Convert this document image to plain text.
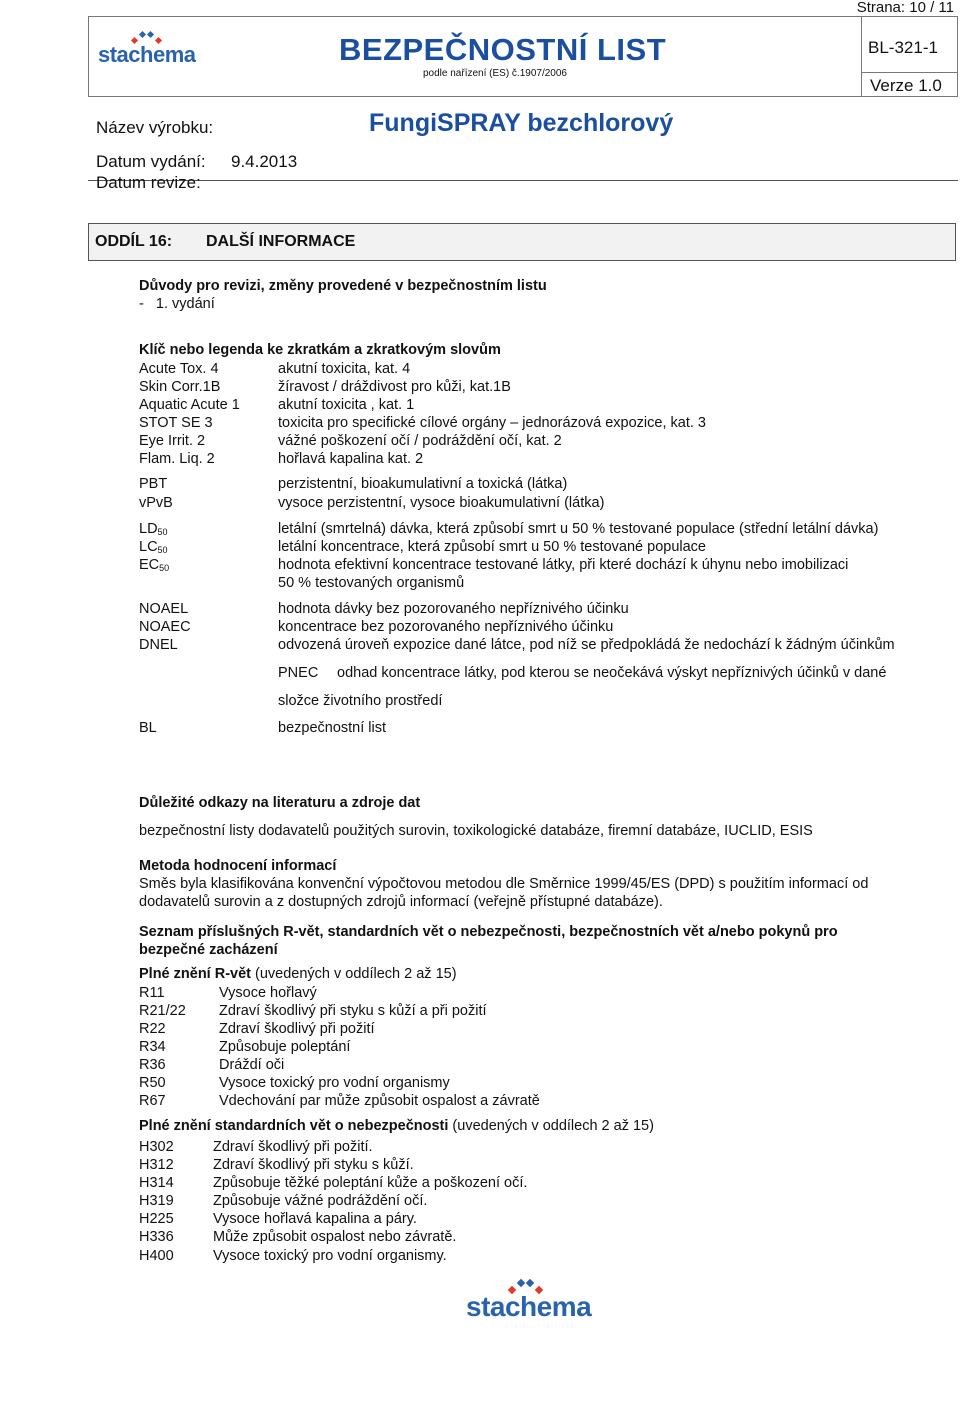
Strana: 10 / 11
stachema	BEZPEČNOSTNÍ LIST
podle nařízení (ES) č.1907/2006
BL-321-1
Verze 1.0
Název výrobku:	FungiSPRAY bezchlorový
Datum vydání: 9.4.2013
Datum revize:
ODDÍL 16: DALŠÍ INFORMACE
Důvody pro revizi, změny provedené v bezpečnostním listu
-   1. vydání
Klíč nebo legenda ke zkratkám a zkratkovým slovům
Acute Tox. 4	akutní toxicita, kat. 4
Skin Corr.1B	žíravost / dráždivost pro kůži, kat.1B
Aquatic Acute 1	akutní toxicita , kat. 1
STOT SE 3	toxicita pro specifické cílové orgány – jednorázová expozice, kat. 3
Eye Irrit. 2	vážné poškození očí / podráždění očí, kat. 2
Flam. Liq. 2	hořlavá kapalina kat. 2
PBT	perzistentní, bioakumulativní a toxická (látka)
vPvB	vysoce perzistentní, vysoce bioakumulativní (látka)
$LD_{50}$	letální (smrtelná) dávka, která způsobí smrt u 50 % testované populace (střední letální dávka)
$LC_{50}$	letální koncentrace, která způsobí smrt u 50 % testované populace
$EC_{50}$	hodnota efektivní koncentrace testované látky, při které dochází k úhynu nebo imobilizaci
50 % testovaných organismů
NOAEL	hodnota dávky bez pozorovaného nepříznivého účinku
NOAEC	koncentrace bez pozorovaného nepříznivého účinku
DNEL	odvozená úroveň expozice dané látce, pod níž se předpokládá že nedochází k žádným účinkům
PNEC odhad koncentrace látky, pod kterou se neočekává výskyt nepříznivých účinků v dané
složce životního prostředí
BL	bezpečnostní list
Důležité odkazy na literaturu a zdroje dat
bezpečnostní listy dodavatelů použitých surovin, toxikologické databáze, firemní databáze, IUCLID, ESIS
Metoda hodnocení informací
Směs byla klasifikována konvenční výpočtovou metodou dle Směrnice 1999/45/ES (DPD) s použitím informací od
dodavatelů surovin a z dostupných zdrojů informací (veřejně přístupné databáze).
Seznam příslušných R-vět, standardních vět o nebezpečnosti, bezpečnostních vět a/nebo pokynů pro
bezpečné zacházení
Plné znění R-vět (uvedených v oddílech 2 až 15)
R11	Vysoce hořlavý
R21/22 Zdraví škodlivý při styku s kůží a při požití
R22	Zdraví škodlivý při požití
R34	Způsobuje poleptání
R36	Dráždí oči
R50	Vysoce toxický pro vodní organismy
R67	Vdechování par může způsobit ospalost a závratě
Plné znění standardních vět o nebezpečnosti (uvedených v oddílech 2 až 15)
H302	Zdraví škodlivý při požití.
H312	Zdraví škodlivý při styku s kůží.
H314	Způsobuje těžké poleptání kůže a poškození očí.
H319	Způsobuje vážné podráždění očí.
H225	Vysoce hořlavá kapalina a páry.
H336	Může způsobit ospalost nebo závratě.
H400	Vysoce toxický pro vodní organismy.
stachema
